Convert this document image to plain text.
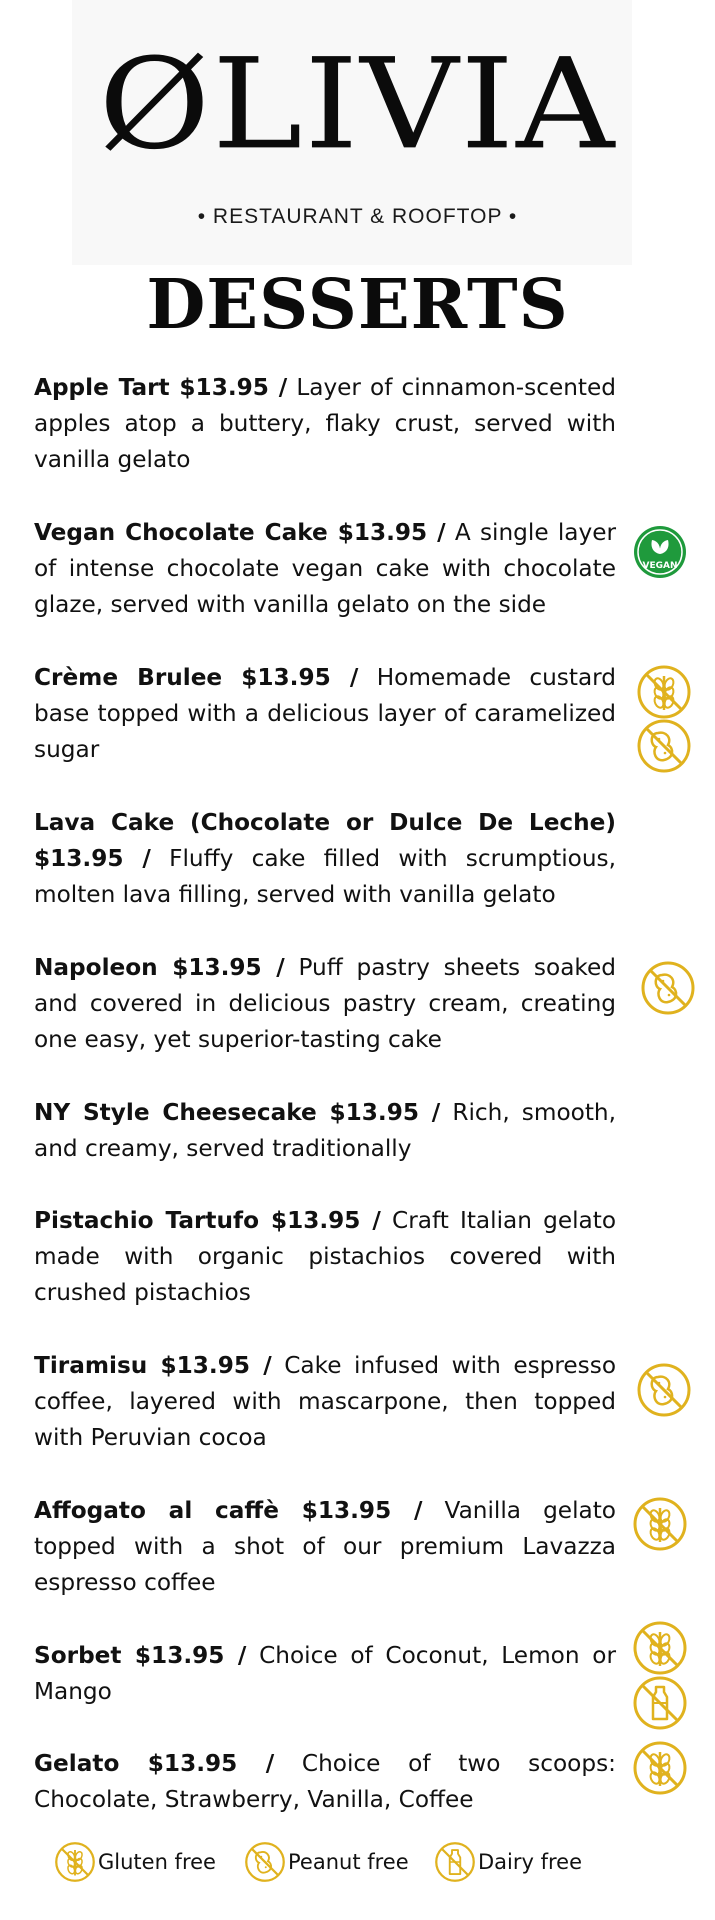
ØLIVIA
• RESTAURANT & ROOFTOP •
DESSERTS
Apple Tart $13.95 / Layer of cinnamon-scented apples atop a buttery, flaky crust, served with vanilla gelato
Vegan Chocolate Cake $13.95 / A single layer of intense chocolate vegan cake with chocolate glaze, served with vanilla gelato on the side
Crème Brulee $13.95 / Homemade custard base topped with a delicious layer of caramelized sugar
Lava Cake (Chocolate or Dulce De Leche) $13.95 / Fluffy cake filled with scrumptious, molten lava filling, served with vanilla gelato
Napoleon $13.95 / Puff pastry sheets soaked and covered in delicious pastry cream, creating one easy, yet superior-tasting cake
NY Style Cheesecake $13.95 / Rich, smooth, and creamy, served traditionally
Pistachio Tartufo $13.95 / Craft Italian gelato made with organic pistachios covered with crushed pistachios
Tiramisu $13.95 / Cake infused with espresso coffee, layered with mascarpone, then topped with Peruvian cocoa
Affogato al caffè $13.95 / Vanilla gelato topped with a shot of our premium Lavazza espresso coffee
Sorbet $13.95 / Choice of Coconut, Lemon or Mango
Gelato $13.95 / Choice of two scoops: Chocolate, Strawberry, Vanilla, Coffee
VEGAN
Gluten free	Peanut free	Dairy free
